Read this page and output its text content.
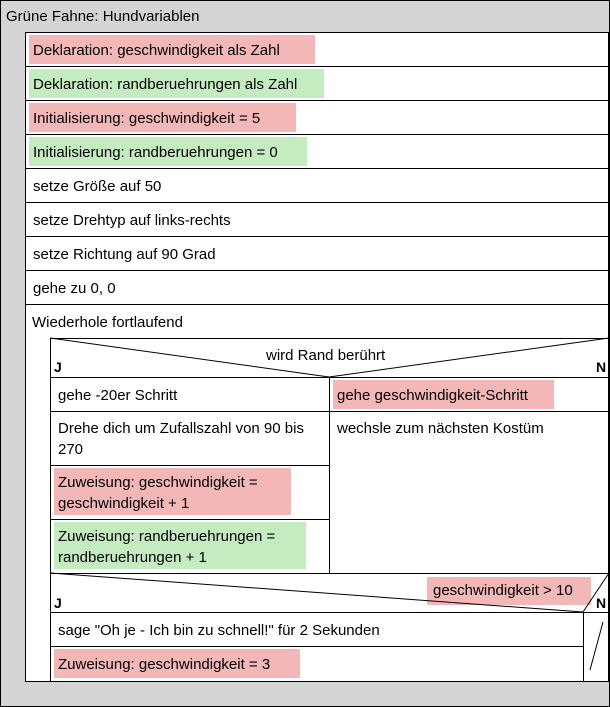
Grüne Fahne: Hundvariablen
Deklaration: geschwindigkeit als Zahl
Deklaration: randberuehrungen als Zahl
Initialisierung: geschwindigkeit = 5
Initialisierung: randberuehrungen = 0
setze Größe auf 50
setze Drehtyp auf links-rechts
setze Richtung auf 90 Grad
gehe zu 0, 0
Wiederhole fortlaufend
wird Rand berührt
J	N
gehe -20er Schritt
Drehe dich um Zufallszahl von 90 bis 270
Zuweisung: geschwindigkeit = geschwindigkeit + 1
Zuweisung: randberuehrungen = randberuehrungen + 1
gehe geschwindigkeit-Schritt
wechsle zum nächsten Kostüm
geschwindigkeit > 10
J	N
sage "Oh je - Ich bin zu schnell!" für 2 Sekunden
Zuweisung: geschwindigkeit = 3
